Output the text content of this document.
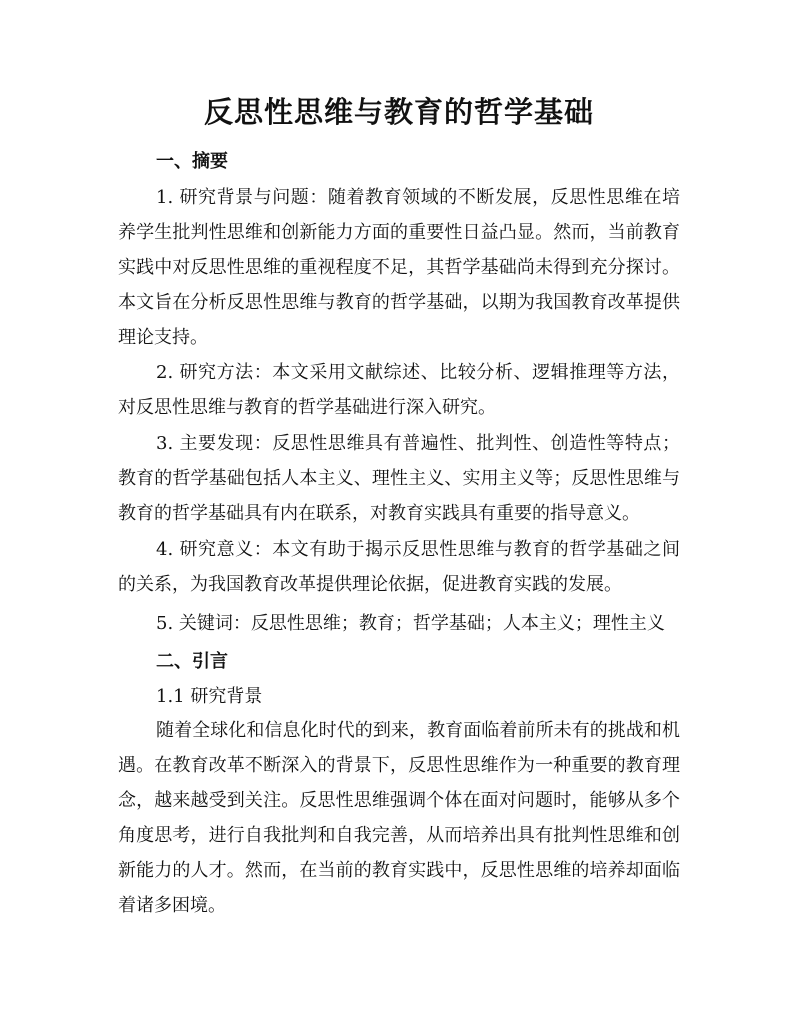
反思性思维与教育的哲学基础
一、摘要

1. 研究背景与问题：随着教育领域的不断发展，反思性思维在培养学生批判性思维和创新能力方面的重要性日益凸显。然而，当前教育实践中对反思性思维的重视程度不足，其哲学基础尚未得到充分探讨。本文旨在分析反思性思维与教育的哲学基础，以期为我国教育改革提供理论支持。

2. 研究方法：本文采用文献综述、比较分析、逻辑推理等方法，对反思性思维与教育的哲学基础进行深入研究。

3. 主要发现：反思性思维具有普遍性、批判性、创造性等特点；教育的哲学基础包括人本主义、理性主义、实用主义等；反思性思维与教育的哲学基础具有内在联系，对教育实践具有重要的指导意义。

4. 研究意义：本文有助于揭示反思性思维与教育的哲学基础之间的关系，为我国教育改革提供理论依据，促进教育实践的发展。

5. 关键词：反思性思维；教育；哲学基础；人本主义；理性主义

二、引言
1.1 研究背景

随着全球化和信息化时代的到来，教育面临着前所未有的挑战和机遇。在教育改革不断深入的背景下，反思性思维作为一种重要的教育理念，越来越受到关注。反思性思维强调个体在面对问题时，能够从多个角度思考，进行自我批判和自我完善，从而培养出具有批判性思维和创新能力的人才。然而，在当前的教育实践中，反思性思维的培养却面临着诸多困境。
